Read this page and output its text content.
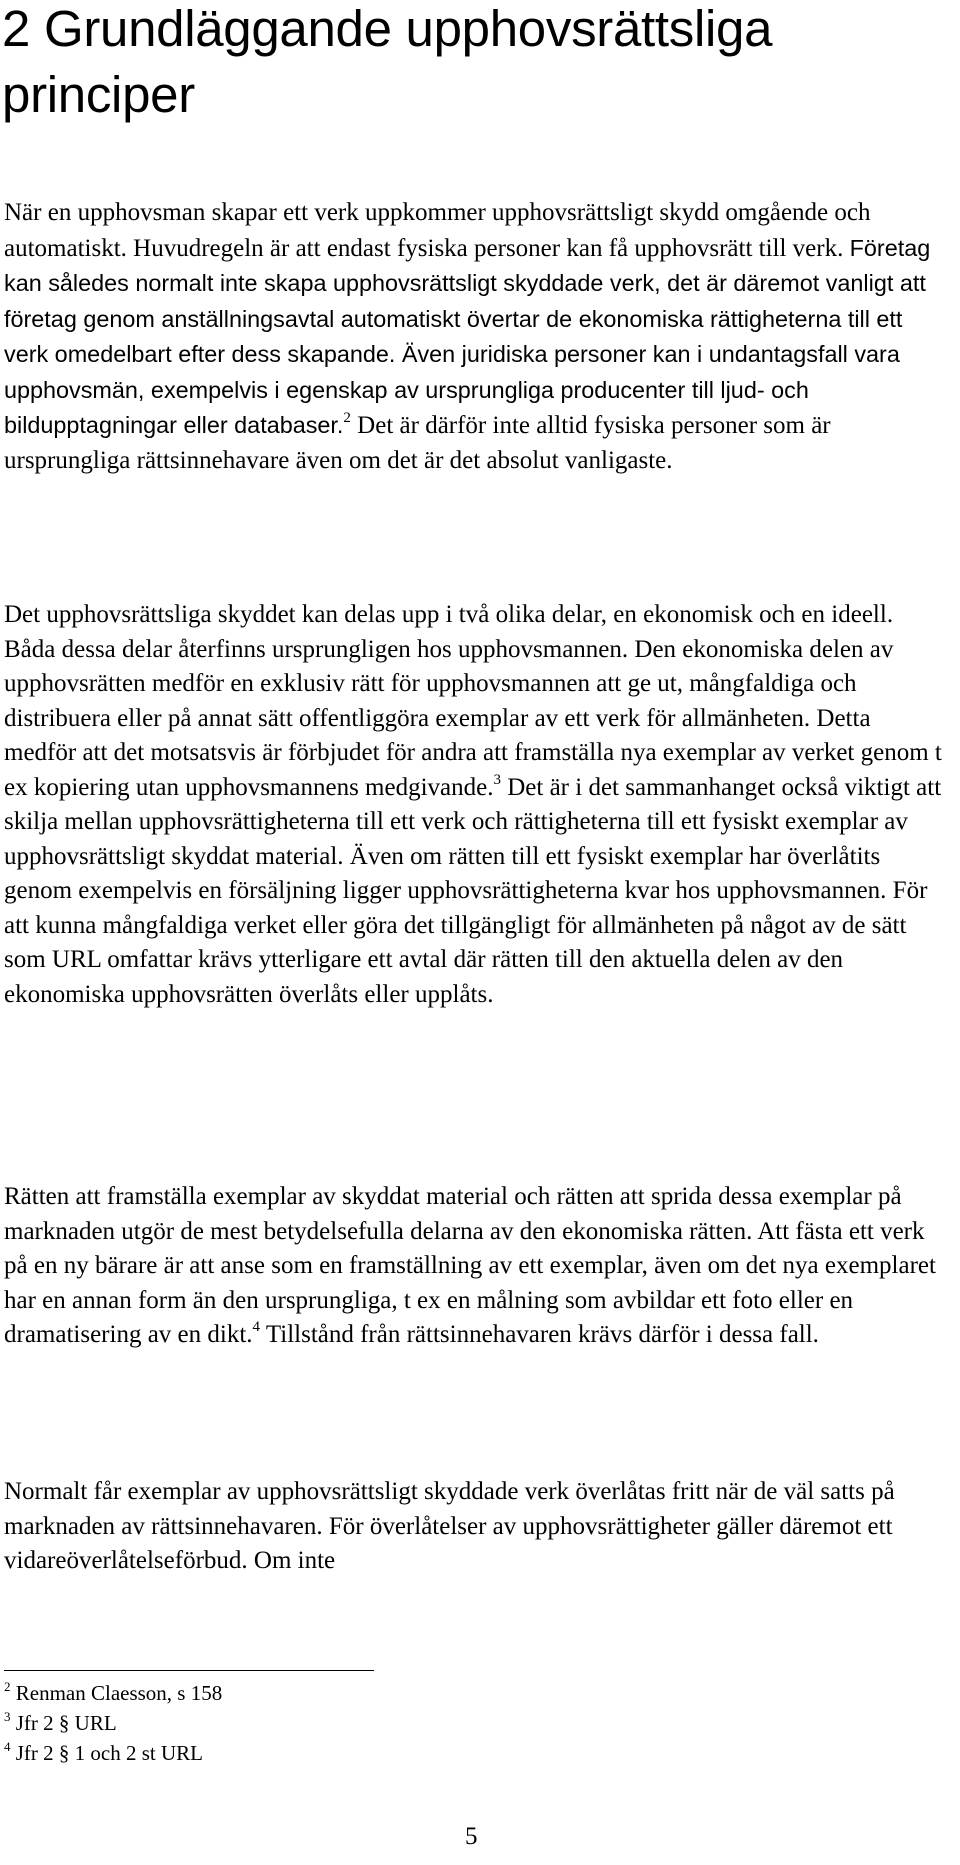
2 Grundläggande upphovsrättsliga principer

När en upphovsman skapar ett verk uppkommer upphovsrättsligt skydd omgående och automatiskt. Huvudregeln är att endast fysiska personer kan få upphovsrätt till verk. Företag kan således normalt inte skapa upphovsrättsligt skyddade verk, det är däremot vanligt att företag genom anställningsavtal automatiskt övertar de ekonomiska rättigheterna till ett verk omedelbart efter dess skapande. Även juridiska personer kan i undantagsfall vara upphovsmän, exempelvis i egenskap av ursprungliga producenter till ljud- och bildupptagningar eller databaser.$^2$ Det är därför inte alltid fysiska personer som är ursprungliga rättsinnehavare även om det är det absolut vanligaste.

Det upphovsrättsliga skyddet kan delas upp i två olika delar, en ekonomisk och en ideell. Båda dessa delar återfinns ursprungligen hos upphovsmannen. Den ekonomiska delen av upphovsrätten medför en exklusiv rätt för upphovsmannen att ge ut, mångfaldiga och distribuera eller på annat sätt offentliggöra exemplar av ett verk för allmänheten. Detta medför att det motsatsvis är förbjudet för andra att framställa nya exemplar av verket genom t ex kopiering utan upphovsmannens medgivande.$^3$ Det är i det sammanhanget också viktigt att skilja mellan upphovsrättigheterna till ett verk och rättigheterna till ett fysiskt exemplar av upphovsrättsligt skyddat material. Även om rätten till ett fysiskt exemplar har överlåtits genom exempelvis en försäljning ligger upphovsrättigheterna kvar hos upphovsmannen. För att kunna mångfaldiga verket eller göra det tillgängligt för allmänheten på något av de sätt som URL omfattar krävs ytterligare ett avtal där rätten till den aktuella delen av den ekonomiska upphovsrätten överlåts eller upplåts.

Rätten att framställa exemplar av skyddat material och rätten att sprida dessa exemplar på marknaden utgör de mest betydelsefulla delarna av den ekonomiska rätten. Att fästa ett verk på en ny bärare är att anse som en framställning av ett exemplar, även om det nya exemplaret har en annan form än den ursprungliga, t ex en målning som avbildar ett foto eller en dramatisering av en dikt.$^4$ Tillstånd från rättsinnehavaren krävs därför i dessa fall.

Normalt får exemplar av upphovsrättsligt skyddade verk överlåtas fritt när de väl satts på marknaden av rättsinnehavaren. För överlåtelser av upphovsrättigheter gäller däremot ett vidareöverlåtelseförbud. Om inte

$^2$ Renman Claesson, s 158
$^3$ Jfr 2 § URL
$^4$ Jfr 2 § 1 och 2 st URL
5
